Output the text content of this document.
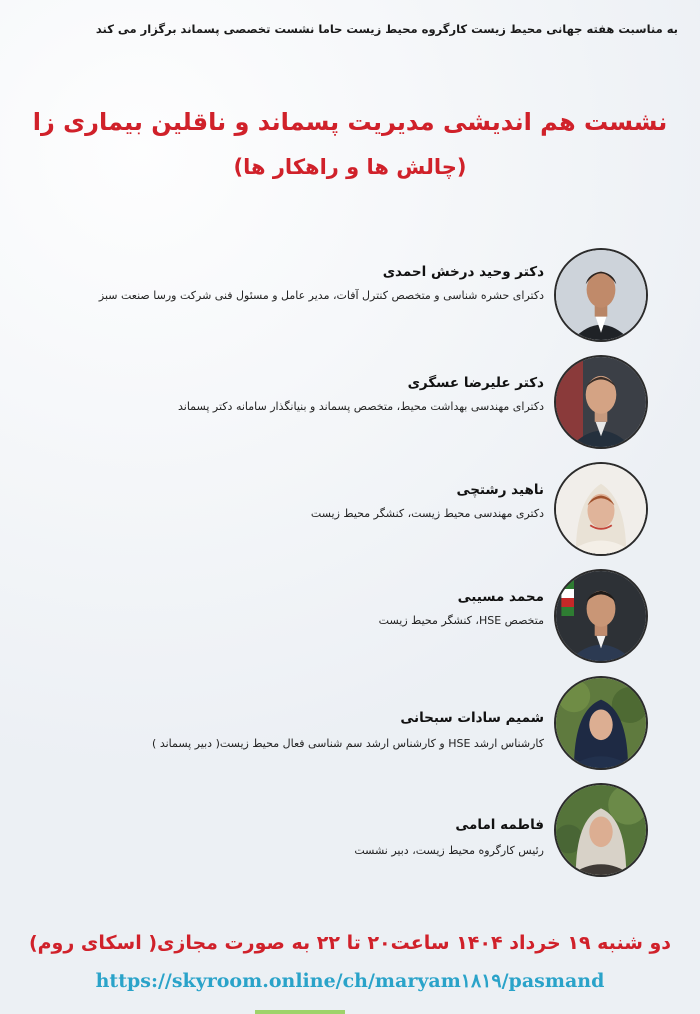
به مناسبت هفته جهانی محیط زیست کارگروه محیط زیست حاما نشست تخصصی پسماند برگزار می کند
نشست هم اندیشی مدیریت پسماند و ناقلین بیماری زا
(چالش ها و راهکار ها)
دکتر وحید درخش احمدی
دکترای حشره شناسی و متخصص کنترل آفات، مدیر عامل و مسئول فنی شرکت ورسا صنعت سبز
دکتر علیرضا عسگری
دکترای مهندسی بهداشت محیط، متخصص پسماند و بنیانگذار سامانه دکتر پسماند
ناهید رشتچی
دکتری مهندسی محیط زیست، کنشگر محیط زیست
محمد مسیبی
متخصص HSE، کنشگر محیط زیست
شمیم سادات سبحانی
کارشناس ارشد HSE و کارشناس ارشد سم شناسی فعال محیط زیست( دبیر پسماند )
فاطمه امامی
رئیس کارگروه محیط زیست، دبیر نشست
دو شنبه ۱۹ خرداد ۱۴۰۴ ساعت۲۰ تا ۲۲ به صورت مجازی( اسکای روم)
https://skyroom.online/ch/maryam۱۸۱۹/pasmand
